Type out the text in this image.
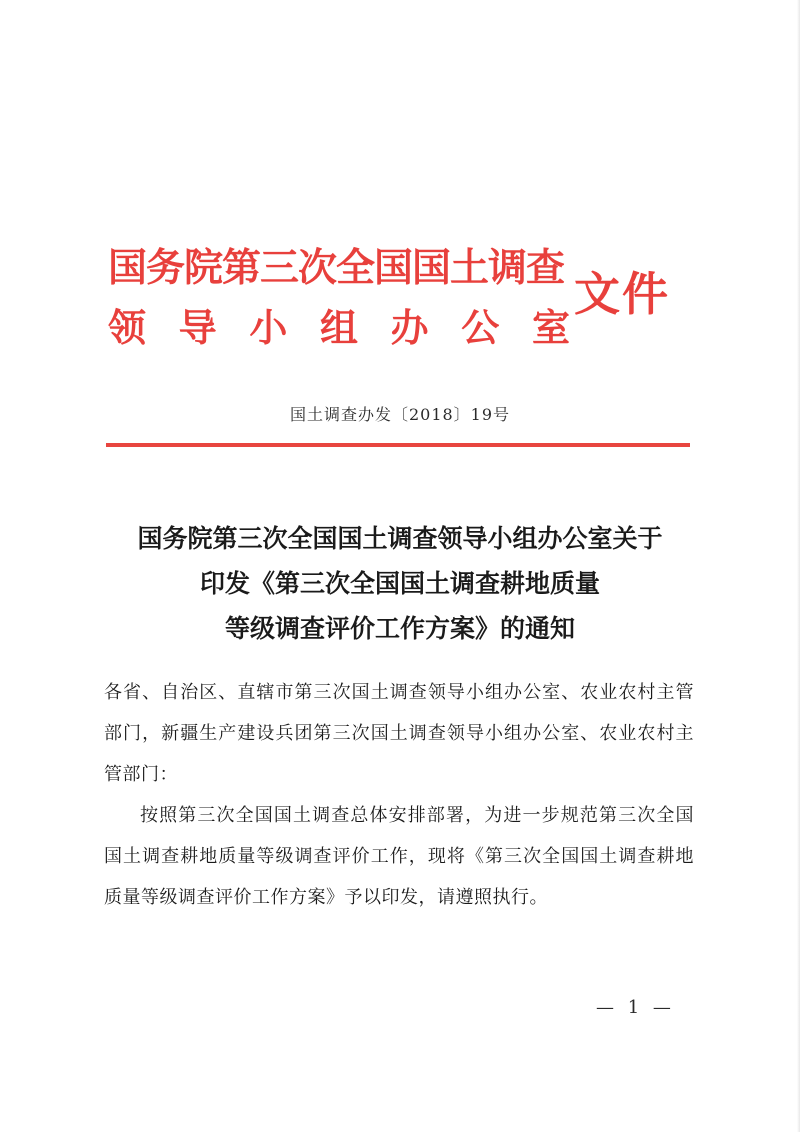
国务院第三次全国国土调查
领 导 小 组 办 公 室
文件
国土调查办发〔2018〕19号
国务院第三次全国国土调查领导小组办公室关于
印发《第三次全国国土调查耕地质量
等级调查评价工作方案》的通知
各省、自治区、直辖市第三次国土调查领导小组办公室、农业农村主管部门，新疆生产建设兵团第三次国土调查领导小组办公室、农业农村主管部门：
按照第三次全国国土调查总体安排部署，为进一步规范第三次全国国土调查耕地质量等级调查评价工作，现将《第三次全国国土调查耕地质量等级调查评价工作方案》予以印发，请遵照执行。
— 1 —
